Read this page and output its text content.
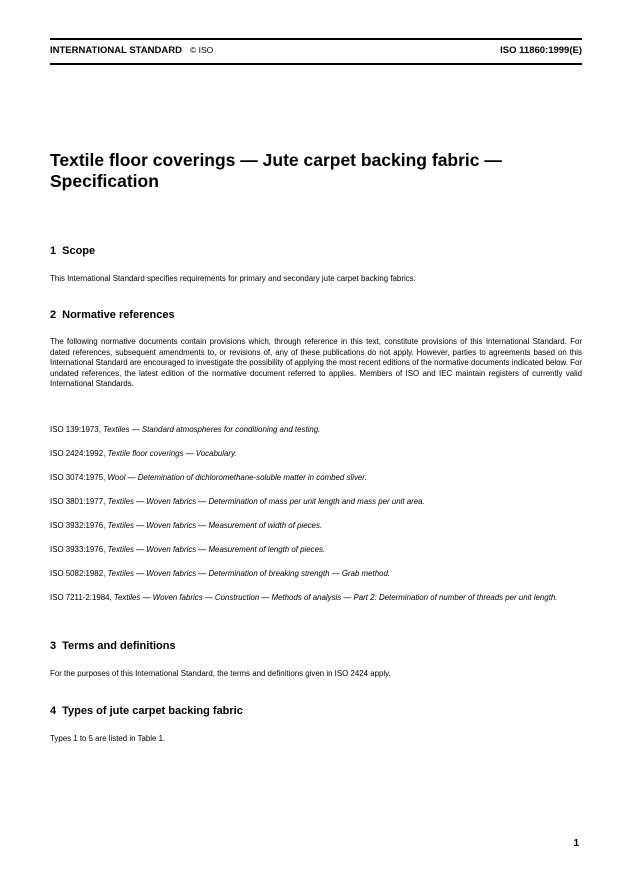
INTERNATIONAL STANDARD © ISO	ISO 11860:1999(E)
Textile floor coverings — Jute carpet backing fabric —
Specification
1 Scope

This International Standard specifies requirements for primary and secondary jute carpet backing fabrics.

2 Normative references

The following normative documents contain provisions which, through reference in this text, constitute provisions of this International Standard. For dated references, subsequent amendments to, or revisions of, any of these publications do not apply. However, parties to agreements based on this International Standard are encouraged to investigate the possibility of applying the most recent editions of the normative documents indicated below. For undated references, the latest edition of the normative document referred to applies. Members of ISO and IEC maintain registers of currently valid International Standards.

ISO 139:1973, Textiles — Standard atmospheres for conditioning and testing.

ISO 2424:1992, Textile floor coverings — Vocabulary.

ISO 3074:1975, Wool — Detemination of dichloromethane-soluble matter in combed sliver.

ISO 3801:1977, Textiles — Woven fabrics — Determination of mass per unit length and mass per unit area.

ISO 3932:1976, Textiles — Woven fabrics — Measurement of width of pieces.

ISO 3933:1976, Textiles — Woven fabrics — Measurement of length of pieces.

ISO 5082:1982, Textiles — Woven fabrics — Determination of breaking strength — Grab method.

ISO 7211-2:1984, Textiles — Woven fabrics — Construction — Methods of analysis — Part 2: Determination of number of threads per unit length.

3 Terms and definitions

For the purposes of this International Standard, the terms and definitions given in ISO 2424 apply.

4 Types of jute carpet backing fabric

Types 1 to 5 are listed in Table 1.

1
